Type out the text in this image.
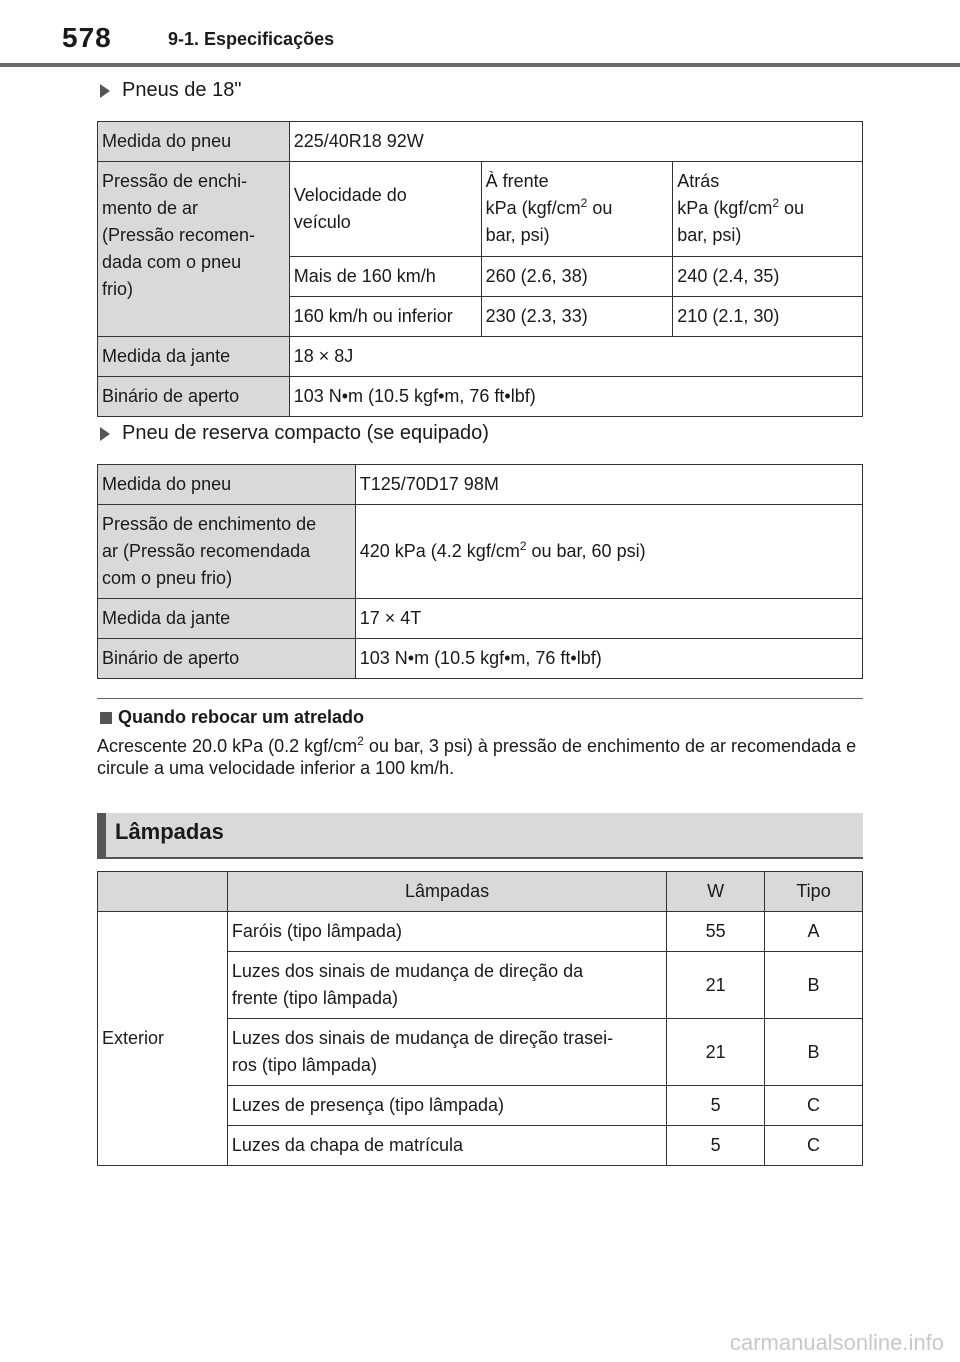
578	9-1. Especificações
Pneus de 18"
Medida do pneu	225/40R18 92W		
Pressão de enchi-
mento de ar
(Pressão recomen-
dada com o pneu
frio)	Velocidade do
veículo	À frente
kPa ($kgf/cm^2$ ou
bar, psi)	Atrás
kPa ($kgf/cm^2$ ou
bar, psi)
	Mais de 160 km/h	260 (2.6, 38)	240 (2.4, 35)
	160 km/h ou inferior	230 (2.3, 33)	210 (2.1, 30)
Medida da jante	18 × 8J		
Binário de aperto	103 N•m (10.5 kgf•m, 76 ft•lbf)		
Pneu de reserva compacto (se equipado)
Medida do pneu	T125/70D17 98M
Pressão de enchimento de
ar (Pressão recomendada
com o pneu frio)	420 kPa (4.2 kgf/$cm^2$ ou bar, 60 psi)
Medida da jante	17 × 4T
Binário de aperto	103 N•m (10.5 kgf•m, 76 ft•lbf)
Quando rebocar um atrelado
Acrescente 20.0 kPa (0.2 kgf/$cm^2$ ou bar, 3 psi) à pressão de enchimento de ar recomendada e circule a uma velocidade inferior a 100 km/h.
Lâmpadas
	Lâmpadas	W	Tipo
Exterior	Faróis (tipo lâmpada)	55	A
	Luzes dos sinais de mudança de direção da
frente (tipo lâmpada)	21	B
	Luzes dos sinais de mudança de direção trasei-
ros (tipo lâmpada)	21	B
	Luzes de presença (tipo lâmpada)	5	C
	Luzes da chapa de matrícula	5	C
carmanualsonline.info
